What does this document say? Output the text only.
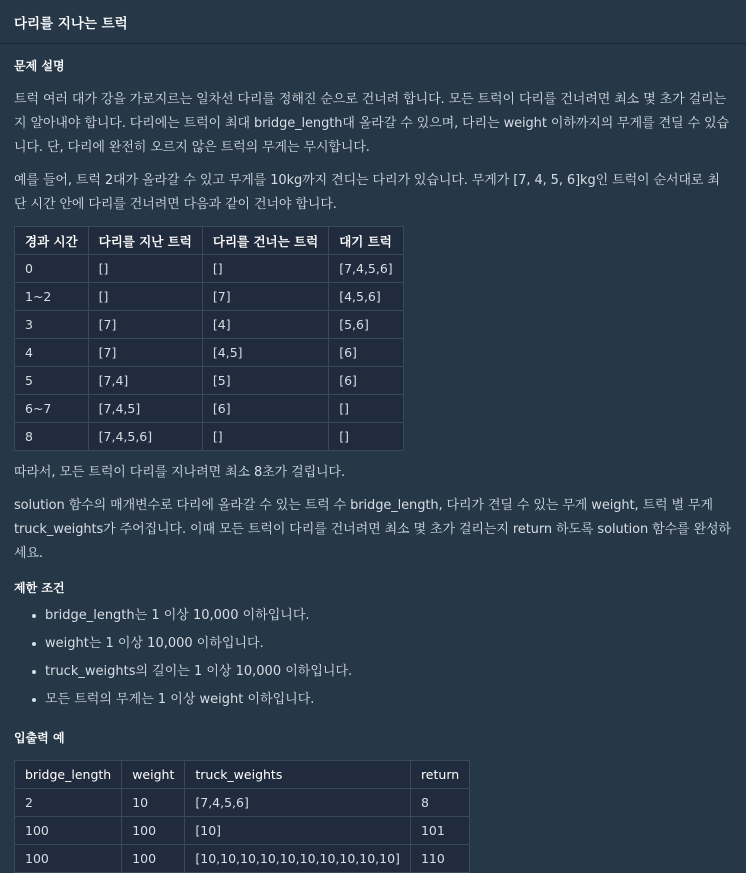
다리를 지나는 트럭
문제 설명

트럭 여러 대가 강을 가로지르는 일차선 다리를 정해진 순으로 건너려 합니다. 모든 트럭이 다리를 건너려면 최소 몇 초가 걸리는지 알아내야 합니다. 다리에는 트럭이 최대 bridge_length대 올라갈 수 있으며, 다리는 weight 이하까지의 무게를 견딜 수 있습니다. 단, 다리에 완전히 오르지 않은 트럭의 무게는 무시합니다.

예를 들어, 트럭 2대가 올라갈 수 있고 무게를 10kg까지 견디는 다리가 있습니다. 무게가 [7, 4, 5, 6]kg인 트럭이 순서대로 최단 시간 안에 다리를 건너려면 다음과 같이 건너야 합니다.

경과 시간	다리를 지난 트럭	다리를 건너는 트럭	대기 트럭
0	[]	[]	[7,4,5,6]
1~2	[]	[7]	[4,5,6]
3	[7]	[4]	[5,6]
4	[7]	[4,5]	[6]
5	[7,4]	[5]	[6]
6~7	[7,4,5]	[6]	[]
8	[7,4,5,6]	[]	[]

따라서, 모든 트럭이 다리를 지나려면 최소 8초가 걸립니다.

solution 함수의 매개변수로 다리에 올라갈 수 있는 트럭 수 bridge_length, 다리가 견딜 수 있는 무게 weight, 트럭 별 무게 truck_weights가 주어집니다. 이때 모든 트럭이 다리를 건너려면 최소 몇 초가 걸리는지 return 하도록 solution 함수를 완성하세요.

제한 조건
bridge_length는 1 이상 10,000 이하입니다.
weight는 1 이상 10,000 이하입니다.
truck_weights의 길이는 1 이상 10,000 이하입니다.
모든 트럭의 무게는 1 이상 weight 이하입니다.
입출력 예
bridge_length	weight	truck_weights	return
2	10	[7,4,5,6]	8
100	100	[10]	101
100	100	[10,10,10,10,10,10,10,10,10,10]	110
